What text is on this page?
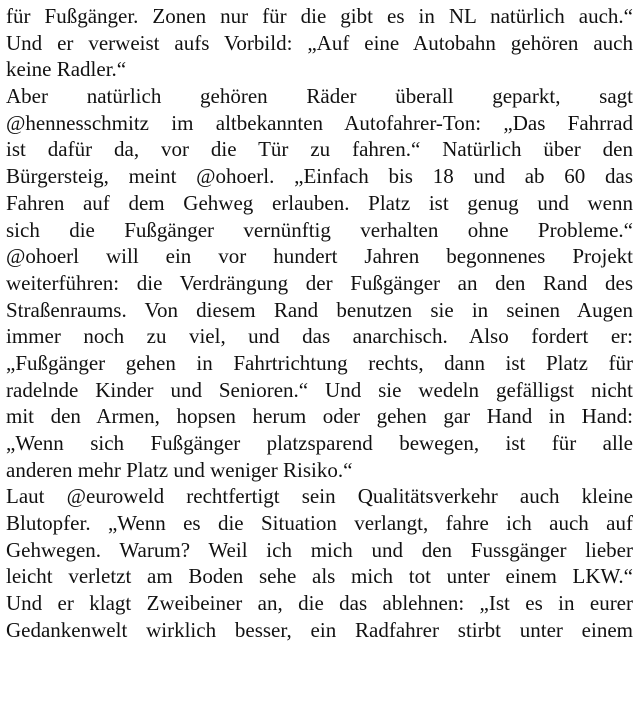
für Fußgänger. Zonen nur für die gibt es in NL natürlich auch.“
Und er verweist aufs Vorbild: „Auf eine Autobahn gehören auch
keine Radler.“
Aber natürlich gehören Räder überall geparkt, sagt
@hennesschmitz im altbekannten Autofahrer-Ton: „Das Fahrrad
ist dafür da, vor die Tür zu fahren.“ Natürlich über den
Bürgersteig, meint @ohoerl. „Einfach bis 18 und ab 60 das
Fahren auf dem Gehweg erlauben. Platz ist genug und wenn
sich die Fußgänger vernünftig verhalten ohne Probleme.“
@ohoerl will ein vor hundert Jahren begonnenes Projekt
weiterführen: die Verdrängung der Fußgänger an den Rand des
Straßenraums. Von diesem Rand benutzen sie in seinen Augen
immer noch zu viel, und das anarchisch. Also fordert er:
„Fußgänger gehen in Fahrtrichtung rechts, dann ist Platz für
radelnde Kinder und Senioren.“ Und sie wedeln gefälligst nicht
mit den Armen, hopsen herum oder gehen gar Hand in Hand:
„Wenn sich Fußgänger platzsparend bewegen, ist für alle
anderen mehr Platz und weniger Risiko.“
Laut @euroweld rechtfertigt sein Qualitätsverkehr auch kleine
Blutopfer. „Wenn es die Situation verlangt, fahre ich auch auf
Gehwegen. Warum? Weil ich mich und den Fussgänger lieber
leicht verletzt am Boden sehe als mich tot unter einem LKW.“
Und er klagt Zweibeiner an, die das ablehnen: „Ist es in eurer
Gedankenwelt wirklich besser, ein Radfahrer stirbt unter einem
